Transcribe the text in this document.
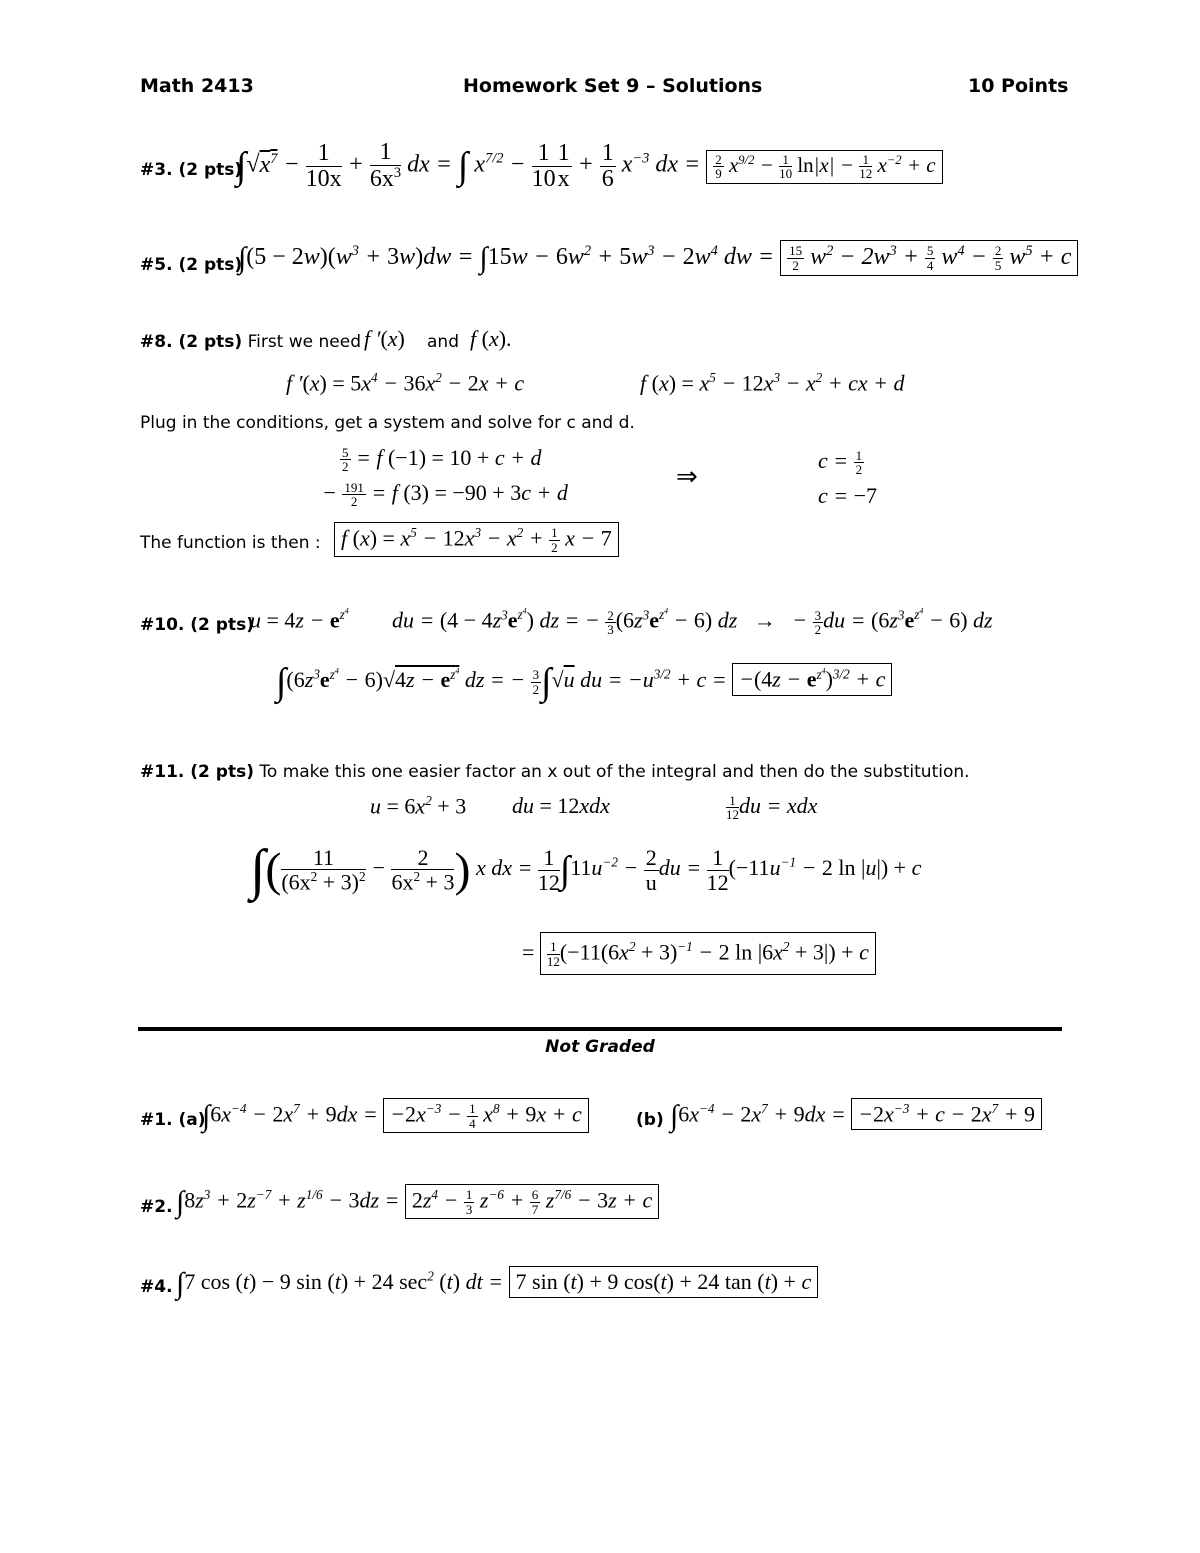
Math 2413	Homework Set 9 – Solutions	10 Points
#3. (2 pts)
$\int√x^7 - \frac{1}{10x} + \frac{1}{6x^3}$ dx = ∫ $x^{7/2} - \frac{1}{10} \frac{1}{x} + \frac{1}{6} x^{-3}$ dx = $\frac{2}{9} x^{9/2} - \frac{1}{10} \ln|x| - \frac{1}{12} x^{-2} + c$
#5. (2 pts)
$\int(5 - 2w)(w^3 + 3w)dw = \int 15w - 6w^2 + 5w^3 - 2w^4$ dw = $\frac{15}{2} w^2 - 2w^3 + \frac{5}{4} w^4 - \frac{2}{5} w^5 + c$
#8. (2 pts) First we need f ′(x) and f (x).
f $'(x) = 5x^4 - 36x^2 - 2x + c$	f $(x) = x^5 - 12x^3 - x^2$ + cx + d
Plug in the conditions, get a system and solve for c and d.
$\frac{5}{2} = f$ (−1) = 10 + c + d
− $\frac{191}{2} = f$ (3) = −90 + 3c + d
⇒
$c = \frac{1}{2}$
c = −7
The function is then : f $(x) = x^5 - 12x^3 - x^2 + \frac{1}{2}$ x − 7
#10. (2 pts)
$u = 4z - e^{z^4}$ du = $(4 - 4z^3e^{z^4})$ dz = − $\frac{2}{3} (6z^3e^{z^4} - 6)$ dz   →   − $\frac{3}{2}$ du = $(6z^3e^{z^4} - 6)$ dz
$\int(6z^3e^{z^4} - 6)√4z - e^{z^4}$ dz = − $\frac{3}{2} \int√u$ du = $-u^{3/2} + c = -(4z - e^{z^4})^{3/2} + c$
#11. (2 pts) To make this one easier factor an x out of the integral and then do the substitution.
$u = 6x^2 + 3$ du = 12xdx	$\frac{1}{12}$ du = xdx
∫( $\frac{11}{(6x^2 + 3)^2} - \frac{2}{6x^2 + 3}$ ) x dx = $\frac{1}{12} \int 11u^{-2} - \frac{2}{u}$ du = $\frac{1}{12} (-11u^{-1} - 2$ ln |u|) + c
= $\frac{1}{12} (-11(6x^2 + 3)^{-1} - 2$ $\ln |6x^2 + 3|) + c$
Not Graded
#1. (a)
$\int 6x^{-4} - 2x^7 + 9dx = -2x^{-3} - \frac{1}{4} x^8 + 9x + c$	(b) $\int 6x^{-4} - 2x^7 + 9dx = -2x^{-3} + c - 2x^7 + 9$
#2. $\int 8z^3 + 2z^{-7} + z^{1/6} - 3dz = 2z^4 - \frac{1}{3} z^{-6} + \frac{6}{7} z^{7/6} - 3z + c$
#4. ∫7 cos (t) − 9 sin (t) + 24 $\sec^2 (t)$ dt = 7 sin (t) + 9 cos(t) + 24 tan (t) + c
